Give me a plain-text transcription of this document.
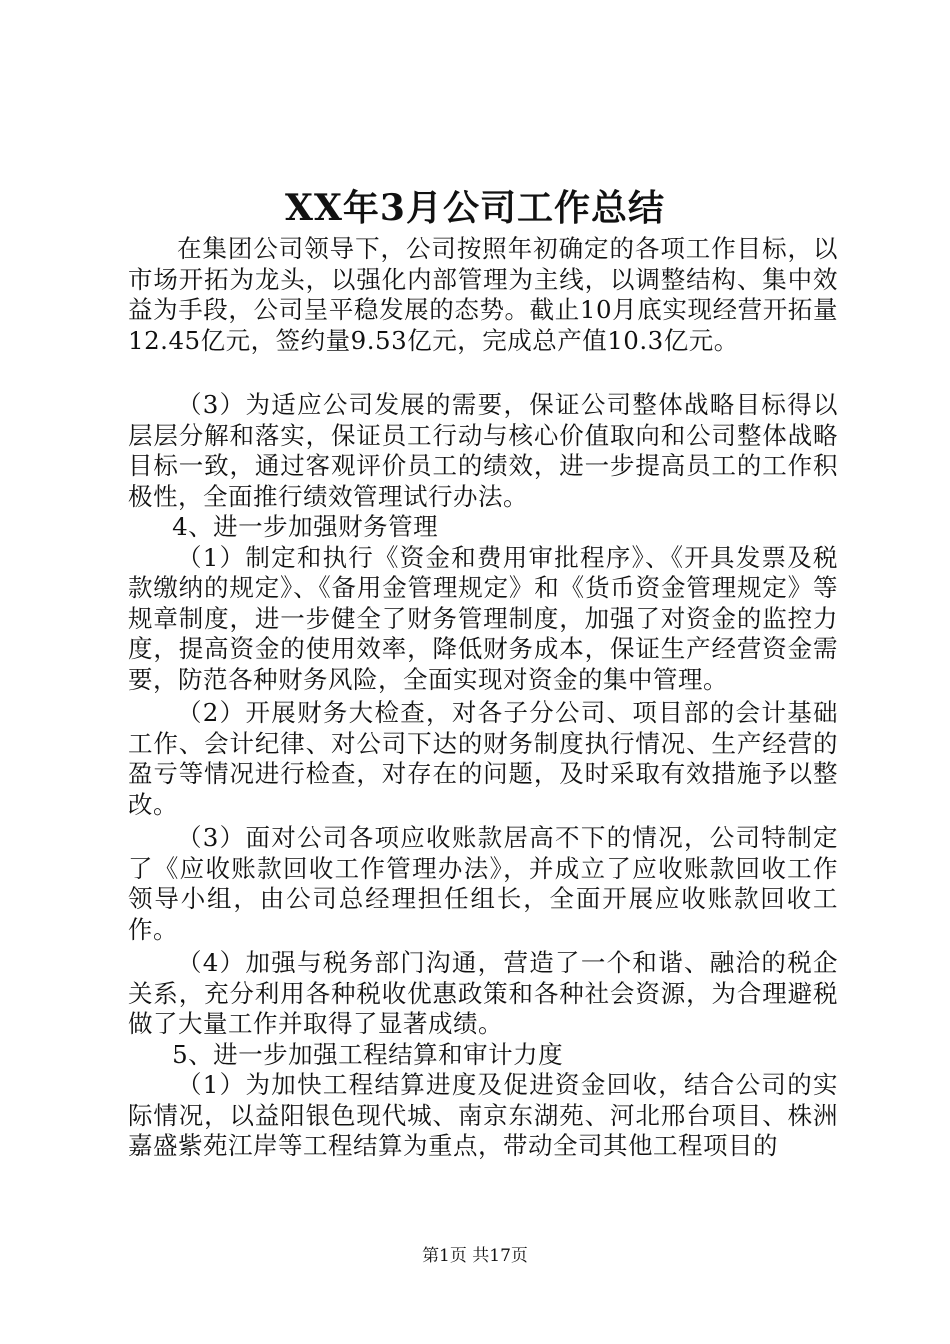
XX年3月公司工作总结

在集团公司领导下，公司按照年初确定的各项工作目标，以市场开拓为龙头，以强化内部管理为主线，以调整结构、集中效益为手段，公司呈平稳发展的态势。截止10月底实现经营开拓量12.45亿元，签约量9.53亿元，完成总产值10.3亿元。

（3）为适应公司发展的需要，保证公司整体战略目标得以层层分解和落实，保证员工行动与核心价值取向和公司整体战略目标一致，通过客观评价员工的绩效，进一步提高员工的工作积极性，全面推行绩效管理试行办法。

4、进一步加强财务管理

（1）制定和执行《资金和费用审批程序》、《开具发票及税款缴纳的规定》、《备用金管理规定》和《货币资金管理规定》等规章制度，进一步健全了财务管理制度，加强了对资金的监控力度，提高资金的使用效率，降低财务成本，保证生产经营资金需要，防范各种财务风险，全面实现对资金的集中管理。

（2）开展财务大检查，对各子分公司、项目部的会计基础工作、会计纪律、对公司下达的财务制度执行情况、生产经营的盈亏等情况进行检查，对存在的问题，及时采取有效措施予以整改。

（3）面对公司各项应收账款居高不下的情况，公司特制定了《应收账款回收工作管理办法》，并成立了应收账款回收工作领导小组，由公司总经理担任组长，全面开展应收账款回收工作。

（4）加强与税务部门沟通，营造了一个和谐、融洽的税企关系，充分利用各种税收优惠政策和各种社会资源，为合理避税做了大量工作并取得了显著成绩。

5、进一步加强工程结算和审计力度

（1）为加快工程结算进度及促进资金回收，结合公司的实际情况，以益阳银色现代城、南京东湖苑、河北邢台项目、株洲嘉盛紫苑江岸等工程结算为重点，带动全司其他工程项目的

第1页 共17页
